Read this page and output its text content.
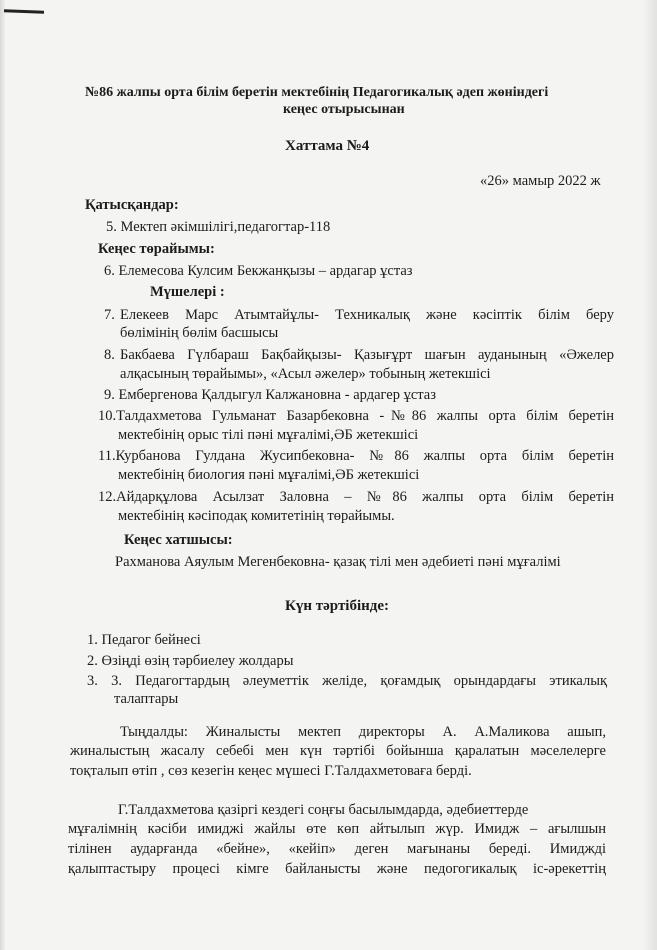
№86 жалпы орта білім беретін мектебінің Педагогикалық әдеп жөніндегі
кеңес отырысынан
Хаттама №4
«26» мамыр 2022 ж
Қатысқандар:
5. Мектеп әкімшілігі,педагогтар-118
Кеңес төрайымы:
6. Елемесова Кулсим Бекжанқызы – ардагар ұстаз
Мүшелері :
7. Елекеев Марс Атымтайұлы- Техникалық және кәсіптік білім беру
бөлімінің бөлім басшысы
8. Бакбаева Гүлбараш Бақбайқызы- Қазығұрт шағын ауданының «Әжелер
алқасының төрайымы», «Асыл әжелер» тобының жетекшісі
9. Ембергенова Қалдыгул Калжановна - ардагер ұстаз
10.Талдахметова Гульманат Базарбековна -№86 жалпы орта білім беретін
мектебінің орыс тілі пәні мұғалімі,ӘБ жетекшісі
11.Курбанова Гулдана Жусипбековна- №86 жалпы орта білім беретін
мектебінің биология пәні мұғалімі,ӘБ жетекшісі
12.Айдарқұлова Асылзат Заловна – №86 жалпы орта білім беретін
мектебінің кәсіподақ комитетінің төрайымы.
Кеңес хатшысы:
Рахманова Аяулым Мегенбековна- қазақ тілі мен әдебиеті пәні мұғалімі
Күн тәртібінде:
1. Педагог бейнесі
2. Өзіңді өзің тәрбиелеу жолдары
3. 3. Педагогтардың әлеуметтік желіде, қоғамдық орындардағы этикалық
талаптары
Тыңдалды: Жиналысты мектеп директоры А. А.Маликова ашып,
жиналыстың жасалу себебі мен күн тәртібі бойынша қаралатын мәселелерге
тоқталып өтіп , сөз кезегін кеңес мүшесі Г.Талдахметоваға берді.
Г.Талдахметова қазіргі кездегі соңғы басылымдарда, әдебиеттерде
мұғалімнің кәсіби имиджі жайлы өте көп айтылып жүр. Имидж – ағылшын
тілінен аударғанда «бейне», «кейіп» деген мағынаны береді. Имиджді
қалыптастыру процесі кімге байланысты және педогогикалық іс-әрекеттің
